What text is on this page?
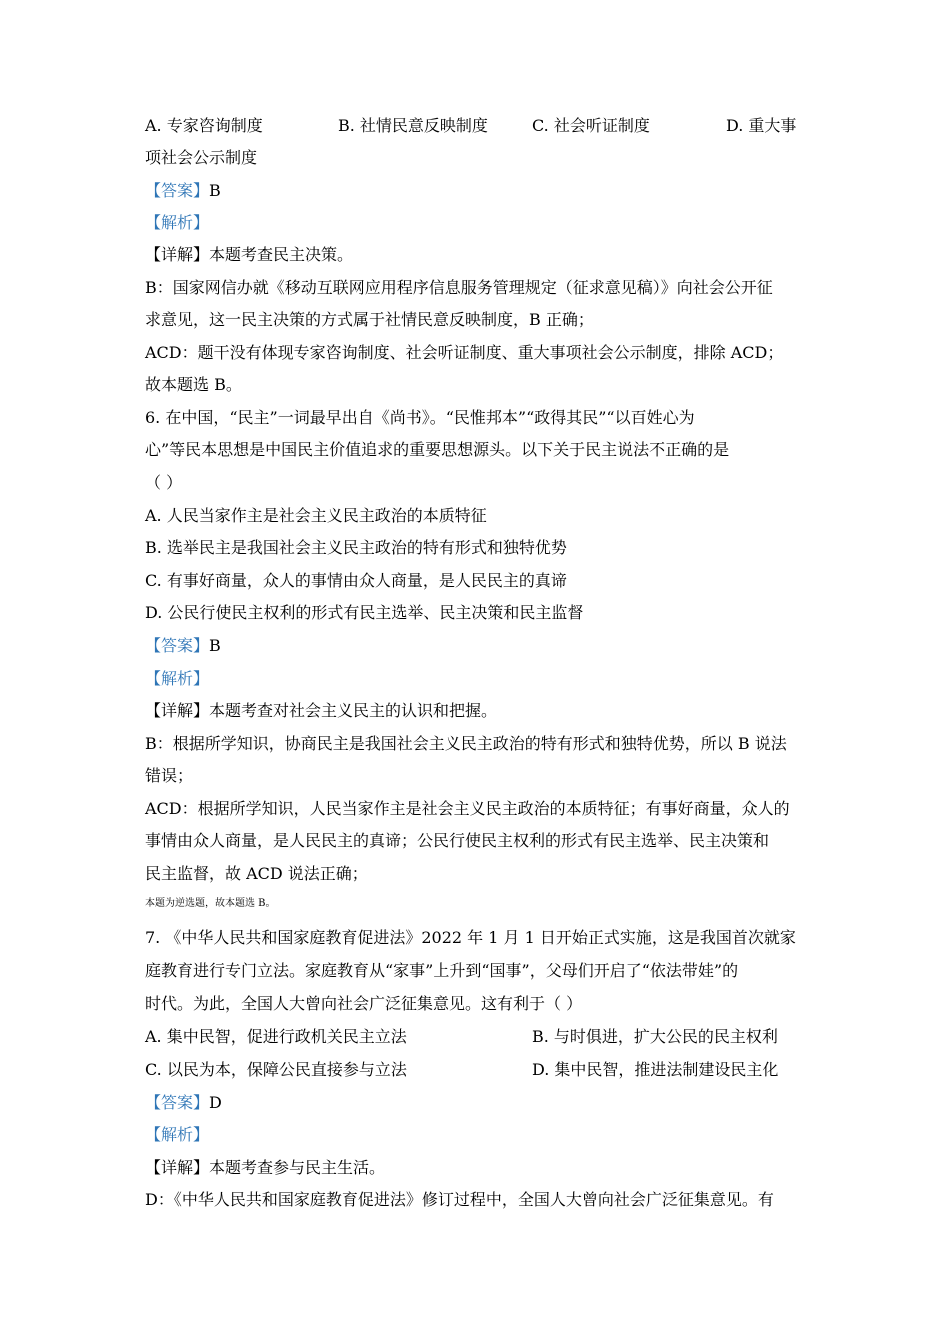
A. 专家咨询制度	B. 社情民意反映制度	C. 社会听证制度	D. 重大事
项社会公示制度
【答案】B
【解析】
【详解】本题考查民主决策。
B：国家网信办就《移动互联网应用程序信息服务管理规定（征求意见稿）》向社会公开征
求意见，这一民主决策的方式属于社情民意反映制度，B 正确；
ACD：题干没有体现专家咨询制度、社会听证制度、重大事项社会公示制度，排除 ACD；
故本题选 B。
6. 在中国，“民主”一词最早出自《尚书》。“民惟邦本”“政得其民”“以百姓心为
心”等民本思想是中国民主价值追求的重要思想源头。以下关于民主说法不正确的是
（ ）
A. 人民当家作主是社会主义民主政治的本质特征
B. 选举民主是我国社会主义民主政治的特有形式和独特优势
C. 有事好商量，众人的事情由众人商量，是人民民主的真谛
D. 公民行使民主权利的形式有民主选举、民主决策和民主监督
【答案】B
【解析】
【详解】本题考查对社会主义民主的认识和把握。
B：根据所学知识，协商民主是我国社会主义民主政治的特有形式和独特优势，所以 B 说法
错误；
ACD：根据所学知识，人民当家作主是社会主义民主政治的本质特征；有事好商量，众人的
事情由众人商量，是人民民主的真谛；公民行使民主权利的形式有民主选举、民主决策和
民主监督，故 ACD 说法正确；
本题为逆选题，故本题选 B。
7. 《中华人民共和国家庭教育促进法》2022 年 1 月 1 日开始正式实施，这是我国首次就家
庭教育进行专门立法。家庭教育从“家事”上升到“国事”，父母们开启了“依法带娃”的
时代。为此，全国人大曾向社会广泛征集意见。这有利于（ ）
A. 集中民智，促进行政机关民主立法	B. 与时俱进，扩大公民的民主权利
C. 以民为本，保障公民直接参与立法	D. 集中民智，推进法制建设民主化
【答案】D
【解析】
【详解】本题考查参与民主生活。
D：《中华人民共和国家庭教育促进法》修订过程中，全国人大曾向社会广泛征集意见。有
